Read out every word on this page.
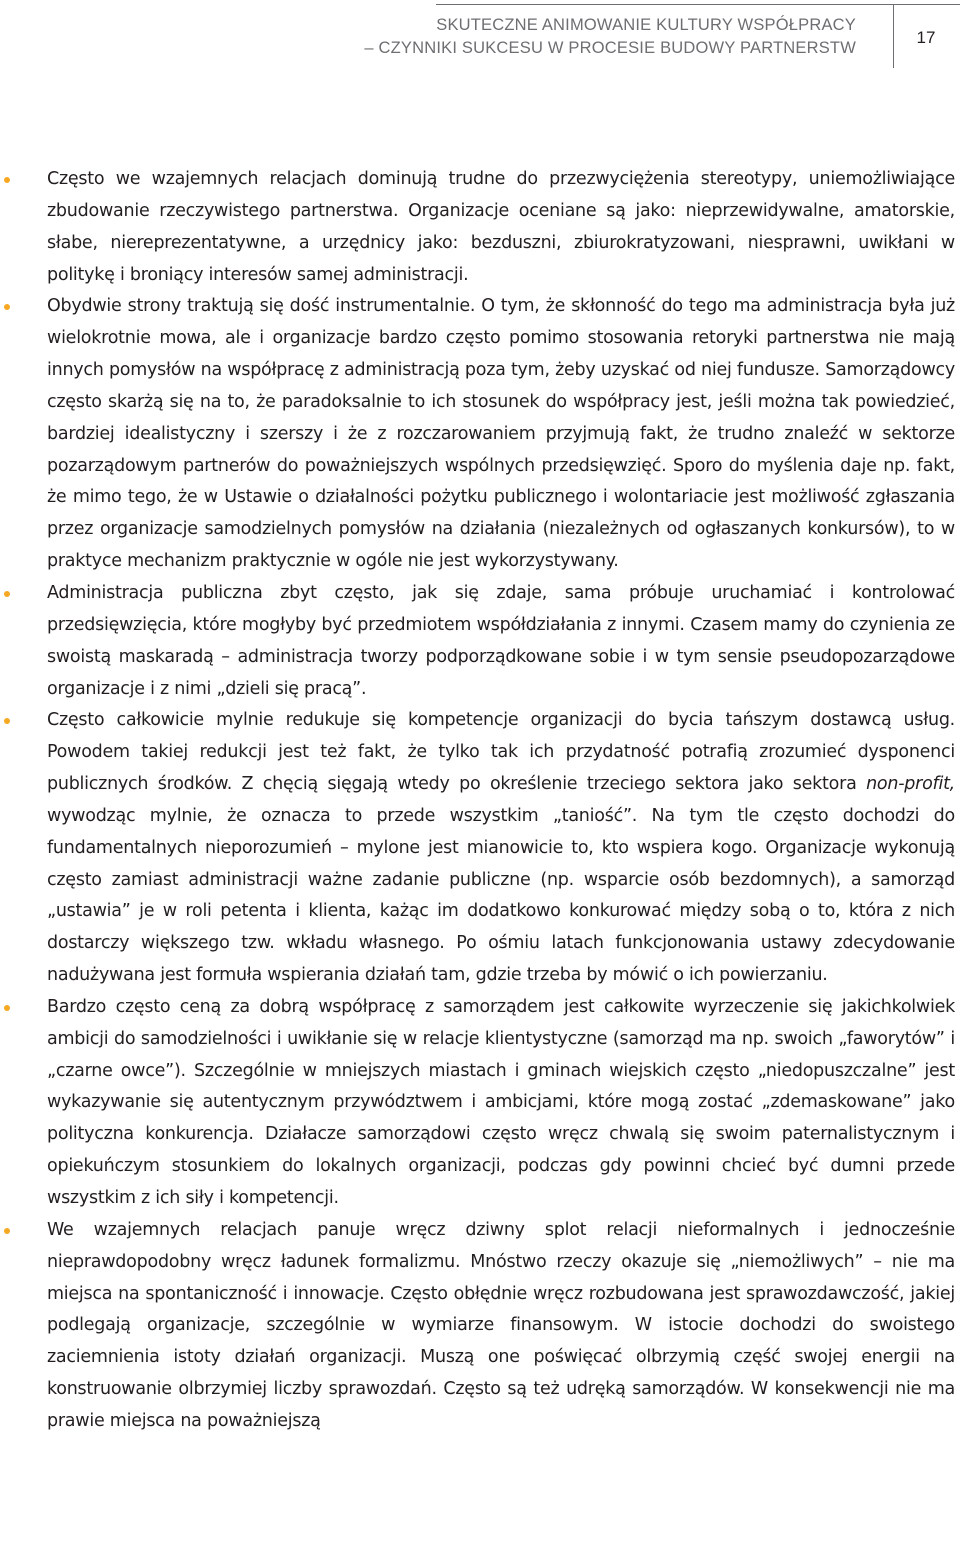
SKUTECZNE ANIMOWANIE KULTURY WSPÓŁPRACY
– CZYNNIKI SUKCESU W PROCESIE BUDOWY PARTNERSTW
17
Często we wzajemnych relacjach dominują trudne do przezwyciężenia stereotypy, uniemożliwiające zbudowanie rzeczywistego partnerstwa. Organizacje oceniane są jako: nieprzewidywalne, amatorskie, słabe, niereprezentatywne, a urzędnicy jako: bezduszni, zbiurokratyzowani, niesprawni, uwikłani w politykę i broniący interesów samej administracji.
Obydwie strony traktują się dość instrumentalnie. O tym, że skłonność do tego ma administracja była już wielokrotnie mowa, ale i organizacje bardzo często pomimo stosowania retoryki partnerstwa nie mają innych pomysłów na współpracę z administracją poza tym, żeby uzyskać od niej fundusze. Samorządowcy często skarżą się na to, że paradoksalnie to ich stosunek do współpracy jest, jeśli można tak powiedzieć, bardziej idealistyczny i szerszy i że z rozczarowaniem przyjmują fakt, że trudno znaleźć w sektorze pozarządowym partnerów do poważniejszych wspólnych przedsięwzięć. Sporo do myślenia daje np. fakt, że mimo tego, że w Ustawie o działalności pożytku publicznego i wolontariacie jest możliwość zgłaszania przez organizacje samodzielnych pomysłów na działania (niezależnych od ogłaszanych konkursów), to w praktyce mechanizm praktycznie w ogóle nie jest wykorzystywany.
Administracja publiczna zbyt często, jak się zdaje, sama próbuje uruchamiać i kontrolować przedsięwzięcia, które mogłyby być przedmiotem współdziałania z innymi. Czasem mamy do czynienia ze swoistą maskaradą – administracja tworzy podporządkowane sobie i w tym sensie pseudopozarządowe organizacje i z nimi „dzieli się pracą”.
Często całkowicie mylnie redukuje się kompetencje organizacji do bycia tańszym dostawcą usług. Powodem takiej redukcji jest też fakt, że tylko tak ich przydatność potrafią zrozumieć dysponenci publicznych środków. Z chęcią sięgają wtedy po określenie trzeciego sektora jako sektora non-profit, wywodząc mylnie, że oznacza to przede wszystkim „taniość”. Na tym tle często dochodzi do fundamentalnych nieporozumień – mylone jest mianowicie to, kto wspiera kogo. Organizacje wykonują często zamiast administracji ważne zadanie publiczne (np. wsparcie osób bezdomnych), a samorząd „ustawia” je w roli petenta i klienta, każąc im dodatkowo konkurować między sobą o to, która z nich dostarczy większego tzw. wkładu własnego. Po ośmiu latach funkcjonowania ustawy zdecydowanie nadużywana jest formuła wspierania działań tam, gdzie trzeba by mówić o ich powierzaniu.
Bardzo często ceną za dobrą współpracę z samorządem jest całkowite wyrzeczenie się jakichkolwiek ambicji do samodzielności i uwikłanie się w relacje klientystyczne (samorząd ma np. swoich „faworytów” i „czarne owce”). Szczególnie w mniejszych miastach i gminach wiejskich często „niedopuszczalne” jest wykazywanie się autentycznym przywództwem i ambicjami, które mogą zostać „zdemaskowane” jako polityczna konkurencja. Działacze samorządowi często wręcz chwalą się swoim paternalistycznym i opiekuńczym stosunkiem do lokalnych organizacji, podczas gdy powinni chcieć być dumni przede wszystkim z ich siły i kompetencji.
We wzajemnych relacjach panuje wręcz dziwny splot relacji nieformalnych i jednocześnie nieprawdopodobny wręcz ładunek formalizmu. Mnóstwo rzeczy okazuje się „niemożliwych” – nie ma miejsca na spontaniczność i innowacje. Często obłędnie wręcz rozbudowana jest sprawozdawczość, jakiej podlegają organizacje, szczególnie w wymiarze finansowym. W istocie dochodzi do swoistego zaciemnienia istoty działań organizacji. Muszą one poświęcać olbrzymią część swojej energii na konstruowanie olbrzymiej liczby sprawozdań. Często są też udręką samorządów. W konsekwencji nie ma prawie miejsca na poważniejszą
